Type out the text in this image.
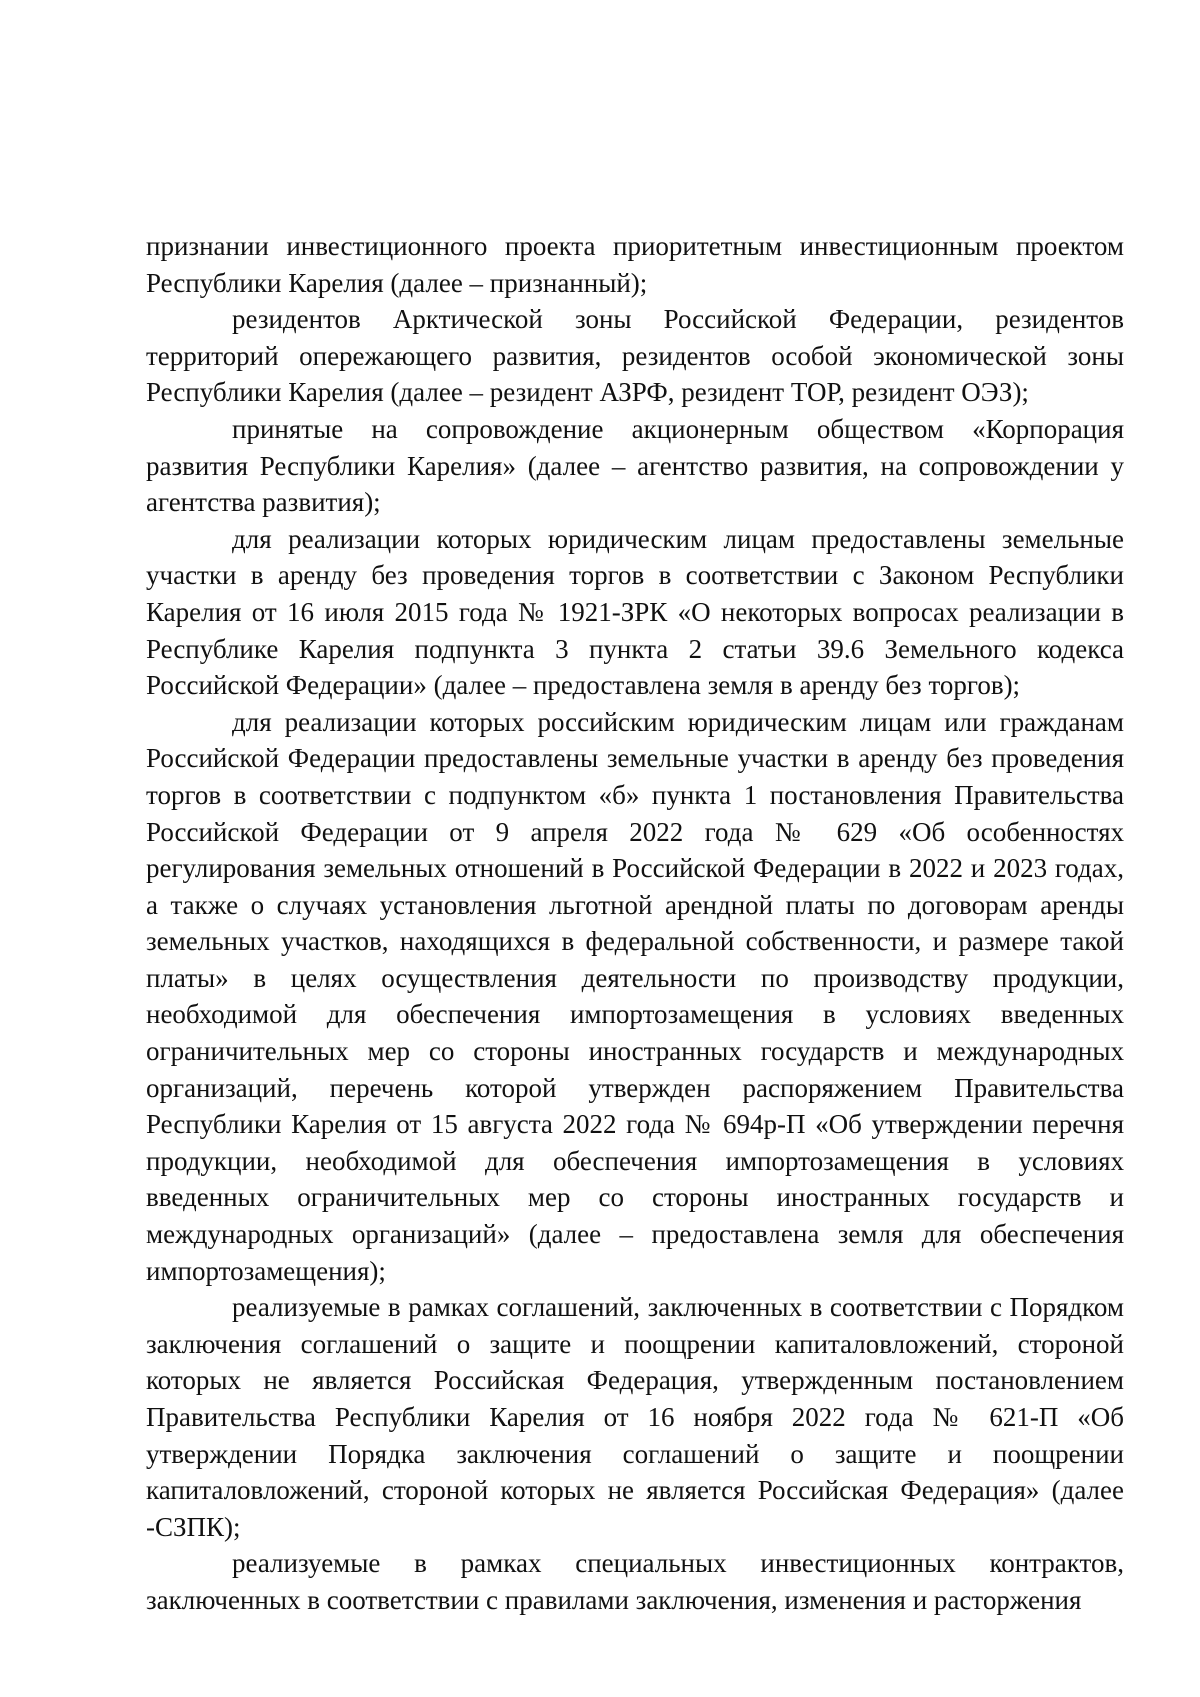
признании инвестиционного проекта приоритетным инвестиционным проектом Республики Карелия (далее – признанный);

резидентов Арктической зоны Российской Федерации, резидентов территорий опережающего развития, резидентов особой экономической зоны Республики Карелия (далее – резидент АЗРФ, резидент ТОР, резидент ОЭЗ);

принятые на сопровождение акционерным обществом «Корпорация развития Республики Карелия» (далее – агентство развития, на сопровождении у агентства развития);

для реализации которых юридическим лицам предоставлены земельные участки в аренду без проведения торгов в соответствии с Законом Республики Карелия от 16 июля 2015 года № 1921-ЗРК «О некоторых вопросах реализации в Республике Карелия подпункта 3 пункта 2 статьи 39.6 Земельного кодекса Российской Федерации» (далее – предоставлена земля в аренду без торгов);

для реализации которых российским юридическим лицам или гражданам Российской Федерации предоставлены земельные участки в аренду без проведения торгов в соответствии с подпунктом «б» пункта 1 постановления Правительства Российской Федерации от 9 апреля 2022 года № 629 «Об особенностях регулирования земельных отношений в Российской Федерации в 2022 и 2023 годах, а также о случаях установления льготной арендной платы по договорам аренды земельных участков, находящихся в федеральной собственности, и размере такой платы» в целях осуществления деятельности по производству продукции, необходимой для обеспечения импортозамещения в условиях введенных ограничительных мер со стороны иностранных государств и международных организаций, перечень которой утвержден распоряжением Правительства Республики Карелия от 15 августа 2022 года № 694р-П «Об утверждении перечня продукции, необходимой для обеспечения импортозамещения в условиях введенных ограничительных мер со стороны иностранных государств и международных организаций» (далее – предоставлена земля для обеспечения импортозамещения);

реализуемые в рамках соглашений, заключенных в соответствии с Порядком заключения соглашений о защите и поощрении капиталовложений, стороной которых не является Российская Федерация, утвержденным постановлением Правительства Республики Карелия от 16 ноября 2022 года № 621-П «Об утверждении Порядка заключения соглашений о защите и поощрении капиталовложений, стороной которых не является Российская Федерация» (далее -СЗПК);

реализуемые в рамках специальных инвестиционных контрактов, заключенных в соответствии с правилами заключения, изменения и расторжения
